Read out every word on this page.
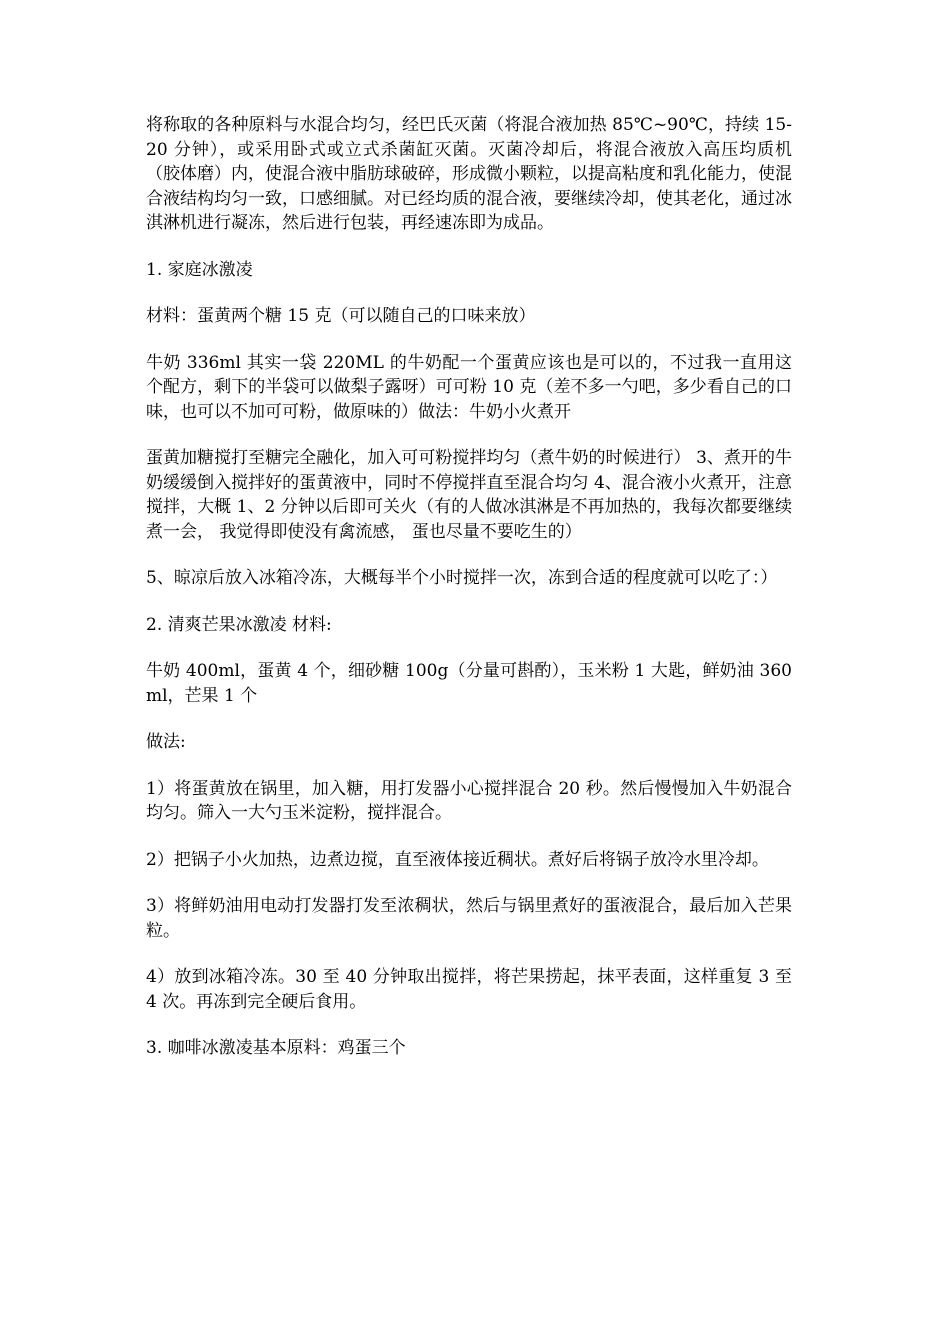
将称取的各种原料与水混合均匀，经巴氏灭菌（将混合液加热 85℃~90℃，持续 15-20 分钟），或采用卧式或立式杀菌缸灭菌。灭菌冷却后，将混合液放入高压均质机（胶体磨）内，使混合液中脂肪球破碎，形成微小颗粒，以提高粘度和乳化能力，使混合液结构均匀一致，口感细腻。对已经均质的混合液，要继续冷却，使其老化，通过冰淇淋机进行凝冻，然后进行包装，再经速冻即为成品。

1. 家庭冰激凌

材料：蛋黄两个糖 15 克（可以随自己的口味来放）

牛奶 336ml 其实一袋 220ML 的牛奶配一个蛋黄应该也是可以的，不过我一直用这个配方，剩下的半袋可以做梨子露呀）可可粉 10 克（差不多一勺吧，多少看自己的口味，也可以不加可可粉，做原味的）做法：牛奶小火煮开

蛋黄加糖搅打至糖完全融化，加入可可粉搅拌均匀（煮牛奶的时候进行） 3、煮开的牛奶缓缓倒入搅拌好的蛋黄液中，同时不停搅拌直至混合均匀 4、混合液小火煮开，注意搅拌，大概 1、2 分钟以后即可关火（有的人做冰淇淋是不再加热的，我每次都要继续煮一会， 我觉得即使没有禽流感， 蛋也尽量不要吃生的）

5、晾凉后放入冰箱冷冻，大概每半个小时搅拌一次，冻到合适的程度就可以吃了：）

2. 清爽芒果冰激凌 材料:

牛奶 400ml，蛋黄 4 个，细砂糖 100g（分量可斟酌），玉米粉 1 大匙，鲜奶油 360ml，芒果 1 个

做法:

1）将蛋黄放在锅里，加入糖，用打发器小心搅拌混合 20 秒。然后慢慢加入牛奶混合均匀。筛入一大勺玉米淀粉，搅拌混合。

2）把锅子小火加热，边煮边搅，直至液体接近稠状。煮好后将锅子放冷水里冷却。

3）将鲜奶油用电动打发器打发至浓稠状，然后与锅里煮好的蛋液混合，最后加入芒果粒。

4）放到冰箱冷冻。30 至 40 分钟取出搅拌，将芒果捞起，抹平表面，这样重复 3 至 4 次。再冻到完全硬后食用。

3. 咖啡冰激凌基本原料：鸡蛋三个
